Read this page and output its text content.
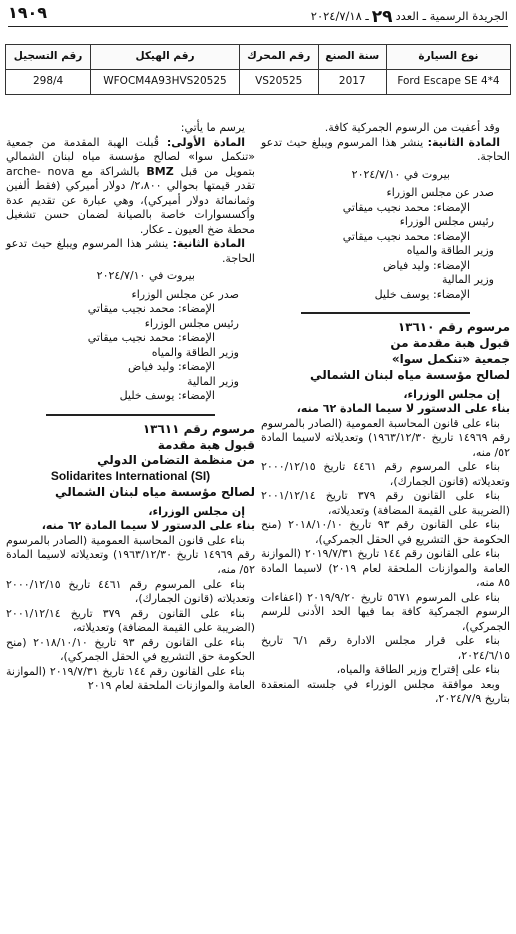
١٩٠٩	الجريدة الرسمية ـ العدد٢٩ـ ٢٠٢٤/٧/١٨
نوع السيارة	سنة الصنع	رقم المحرك	رقم الهيكل	رقم التسجيل
Ford Escape SE 4*4	2017	VS20525	WFOCM4A93HVS20525	298/4

وقد أعفيت من الرسوم الجمركية كافة.

المادة الثانية: ينشر هذا المرسوم ويبلغ حيث تدعو الحاجة.

بيروت في ٢٠٢٤/٧/١٠

صدر عن مجلس الوزراء

الإمضاء: محمد نجيب ميقاتي

رئيس مجلس الوزراء

الإمضاء: محمد نجيب ميقاتي

وزير الطاقة والمياه

الإمضاء: وليد فياض

وزير المالية

الإمضاء: يوسف خليل

مرسوم رقم ١٣٦١٠

قبول هبة مقدمة من

جمعية «تنكمل سوا»

لصالح مؤسسة مياه لبنان الشمالي

إن مجلس الوزراء،

بناء على الدستور لا سيما المادة ٦٢ منه،

بناء على قانون المحاسبة العمومية (الصادر بالمرسوم رقم ١٤٩٦٩ تاريخ ١٩٦٣/١٢/٣٠) وتعديلاته لاسيما المادة ٥٢/ منه،

بناء على المرسوم رقم ٤٤٦١ تاريخ ٢٠٠٠/١٢/١٥ وتعديلاته (قانون الجمارك)،

بناء على القانون رقم ٣٧٩ تاريخ ٢٠٠١/١٢/١٤ (الضريبة على القيمة المضافة) وتعديلاته،

بناء على القانون رقم ٩٣ تاريخ ٢٠١٨/١٠/١٠ (منح الحكومة حق التشريع في الحقل الجمركي)،

بناء على القانون رقم ١٤٤ تاريخ ٢٠١٩/٧/٣١ (الموازنة العامة والموازنات الملحقة لعام ٢٠١٩) لاسيما المادة ٨٥ منه،

بناء على المرسوم ٥٦٧١ تاريخ ٢٠١٩/٩/٢٠ (اعفاءات الرسوم الجمركية كافة بما فيها الحد الأدنى للرسم الجمركي)،

بناء على قرار مجلس الادارة رقم ٦/١ تاريخ ٢٠٢٤/٦/١٥،

بناء على إقتراح وزير الطاقة والمياه،

وبعد موافقة مجلس الوزراء في جلسته المنعقدة بتاريخ ٢٠٢٤/٧/٩،

يرسم ما يأتي:

المادة الأولى: قُبلت الهبة المقدمة من جمعية «تنكمل سوا» لصالح مؤسسة مياه لبنان الشمالي بتمويل من قبل BMZ بالشراكة مع arche- nova تقدر قيمتها بحوالي ٢،٨٠٠/ دولار أميركي (فقط ألفين وثمانمائة دولار أميركي)، وهي عبارة عن تقديم عدة وأكسسوارات خاصة بالصيانة لضمان حسن تشغيل محطة ضخ العيون ـ عكار.

المادة الثانية: ينشر هذا المرسوم ويبلغ حيث تدعو الحاجة.

بيروت في ٢٠٢٤/٧/١٠

صدر عن مجلس الوزراء

الإمضاء: محمد نجيب ميقاتي

رئيس مجلس الوزراء

الإمضاء: محمد نجيب ميقاتي

وزير الطاقة والمياه

الإمضاء: وليد فياض

وزير المالية

الإمضاء: يوسف خليل

مرسوم رقم ١٣٦١١

قبول هبة مقدمة

من منظمة التضامن الدولي

Solidarites International (SI)

لصالح مؤسسة مياه لبنان الشمالي

إن مجلس الوزراء،

بناء على الدستور لا سيما المادة ٦٢ منه،

بناء على قانون المحاسبة العمومية (الصادر بالمرسوم رقم ١٤٩٦٩ تاريخ ١٩٦٣/١٢/٣٠) وتعديلاته لاسيما المادة ٥٢/ منه،

بناء على المرسوم رقم ٤٤٦١ تاريخ ٢٠٠٠/١٢/١٥ وتعديلاته (قانون الجمارك)،

بناء على القانون رقم ٣٧٩ تاريخ ٢٠٠١/١٢/١٤ (الضريبة على القيمة المضافة) وتعديلاته،

بناء على القانون رقم ٩٣ تاريخ ٢٠١٨/١٠/١٠ (منح الحكومة حق التشريع في الحقل الجمركي)،

بناء على القانون رقم ١٤٤ تاريخ ٢٠١٩/٧/٣١ (الموازنة العامة والموازنات الملحقة لعام ٢٠١٩
